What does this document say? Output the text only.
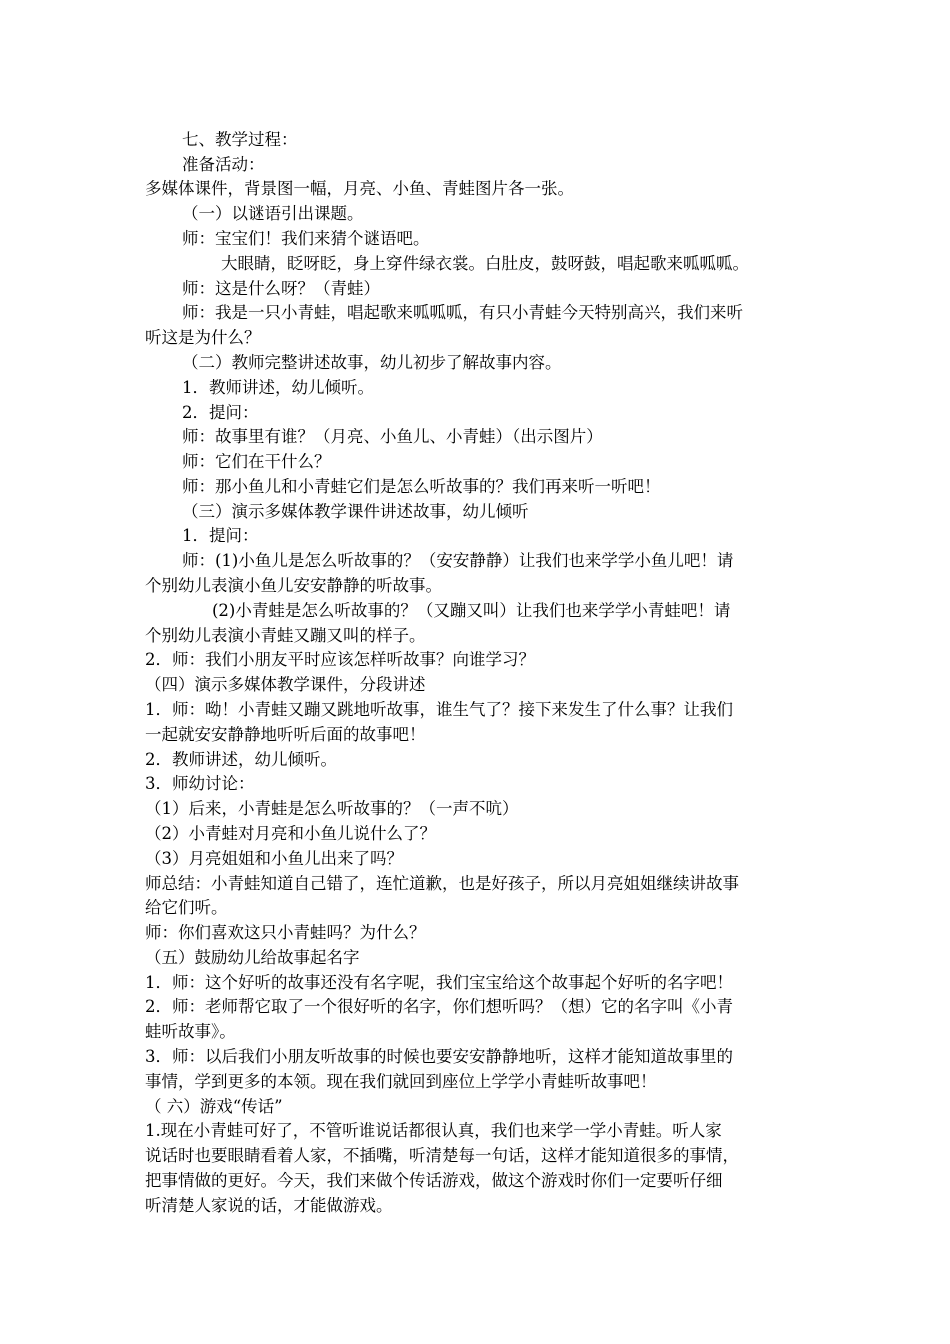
七、教学过程：
准备活动：
多媒体课件，背景图一幅，月亮、小鱼、青蛙图片各一张。
（一）以谜语引出课题。
师：宝宝们！我们来猜个谜语吧。
大眼睛，眨呀眨，身上穿件绿衣裳。白肚皮，鼓呀鼓，唱起歌来呱呱呱。
师：这是什么呀？（青蛙）
师：我是一只小青蛙，唱起歌来呱呱呱，有只小青蛙今天特别高兴，我们来听
听这是为什么？
（二）教师完整讲述故事，幼儿初步了解故事内容。
1．教师讲述，幼儿倾听。
2．提问：
师：故事里有谁？（月亮、小鱼儿、小青蛙）（出示图片）
师：它们在干什么？
师：那小鱼儿和小青蛙它们是怎么听故事的？我们再来听一听吧！
（三）演示多媒体教学课件讲述故事，幼儿倾听
1．提问：
师：(1)小鱼儿是怎么听故事的？（安安静静）让我们也来学学小鱼儿吧！请
个别幼儿表演小鱼儿安安静静的听故事。
(2)小青蛙是怎么听故事的？（又蹦又叫）让我们也来学学小青蛙吧！请
个别幼儿表演小青蛙又蹦又叫的样子。
2．师：我们小朋友平时应该怎样听故事？向谁学习？
（四）演示多媒体教学课件，分段讲述
1．师：呦！小青蛙又蹦又跳地听故事，谁生气了？接下来发生了什么事？让我们
一起就安安静静地听听后面的故事吧！
2．教师讲述，幼儿倾听。
3．师幼讨论：
（1）后来，小青蛙是怎么听故事的？（一声不吭）
（2）小青蛙对月亮和小鱼儿说什么了？
（3）月亮姐姐和小鱼儿出来了吗？
师总结：小青蛙知道自己错了，连忙道歉，也是好孩子，所以月亮姐姐继续讲故事
给它们听。
师：你们喜欢这只小青蛙吗？为什么？
（五）鼓励幼儿给故事起名字
1．师：这个好听的故事还没有名字呢，我们宝宝给这个故事起个好听的名字吧！
2．师：老师帮它取了一个很好听的名字，你们想听吗？（想）它的名字叫《小青
蛙听故事》。
3．师：以后我们小朋友听故事的时候也要安安静静地听，这样才能知道故事里的
事情，学到更多的本领。现在我们就回到座位上学学小青蛙听故事吧！
（ 六）游戏“传话”
1.现在小青蛙可好了，不管听谁说话都很认真，我们也来学一学小青蛙。听人家
说话时也要眼睛看着人家，不插嘴，听清楚每一句话，这样才能知道很多的事情，
把事情做的更好。今天，我们来做个传话游戏，做这个游戏时你们一定要听仔细
听清楚人家说的话，才能做游戏。
